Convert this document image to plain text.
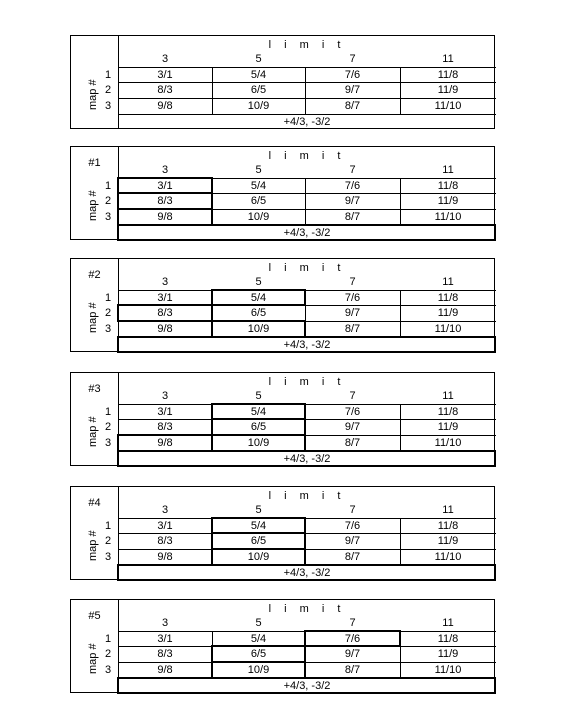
l i m i t
3	5	7	11
map #
1	3/1	5/4	7/6	11/8
2	8/3	6/5	9/7	11/9
3	9/8	10/9	8/7	11/10
+4/3, -3/2
#1
l i m i t
3	5	7	11
map #
1	3/1	5/4	7/6	11/8
2	8/3	6/5	9/7	11/9
3	9/8	10/9	8/7	11/10
+4/3, -3/2
#2
l i m i t
3	5	7	11
map #
1	3/1	5/4	7/6	11/8
2	8/3	6/5	9/7	11/9
3	9/8	10/9	8/7	11/10
+4/3, -3/2
#3
l i m i t
3	5	7	11
map #
1	3/1	5/4	7/6	11/8
2	8/3	6/5	9/7	11/9
3	9/8	10/9	8/7	11/10
+4/3, -3/2
#4
l i m i t
3	5	7	11
map #
1	3/1	5/4	7/6	11/8
2	8/3	6/5	9/7	11/9
3	9/8	10/9	8/7	11/10
+4/3, -3/2
#5
l i m i t
3	5	7	11
map #
1	3/1	5/4	7/6	11/8
2	8/3	6/5	9/7	11/9
3	9/8	10/9	8/7	11/10
+4/3, -3/2
